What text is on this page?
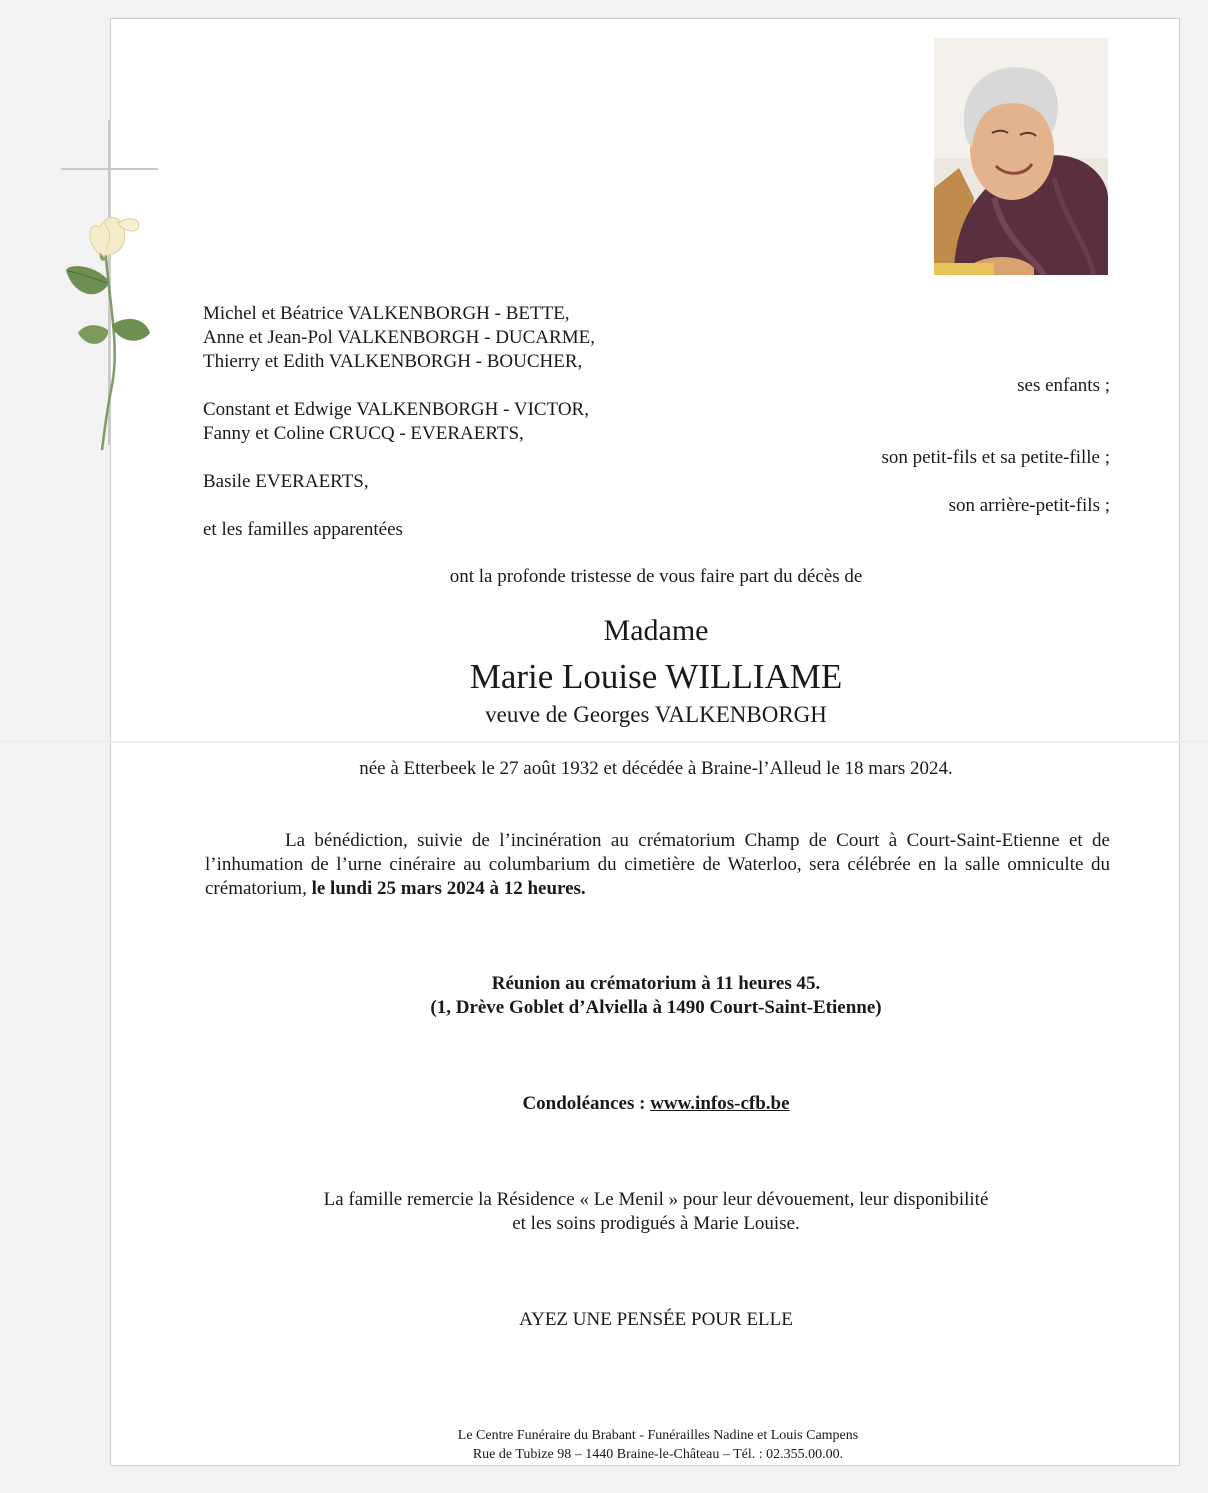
Michel et Béatrice VALKENBORGH - BETTE,
Anne et Jean-Pol VALKENBORGH - DUCARME,
Thierry et Edith VALKENBORGH - BOUCHER,
ses enfants ;
Constant et Edwige VALKENBORGH - VICTOR,
Fanny et Coline CRUCQ - EVERAERTS,
son petit-fils et sa petite-fille ;
Basile EVERAERTS,
son arrière-petit-fils ;
et les familles apparentées
ont la profonde tristesse de vous faire part du décès de
Madame
Marie Louise WILLIAME
veuve de Georges VALKENBORGH
née à Etterbeek le 27 août 1932 et décédée à Braine-l’Alleud le 18 mars 2024.
La bénédiction, suivie de l’incinération au crématorium Champ de Court à Court-Saint-Etienne et de l’inhumation de l’urne cinéraire au columbarium du cimetière de Waterloo, sera célébrée en la salle omniculte du crématorium, le lundi 25 mars 2024 à 12 heures.
Réunion au crématorium à 11 heures 45.
(1, Drève Goblet d’Alviella à 1490 Court-Saint-Etienne)
Condoléances : www.infos-cfb.be
La famille remercie la Résidence « Le Menil » pour leur dévouement, leur disponibilité
et les soins prodigués à Marie Louise.
AYEZ UNE PENSÉE POUR ELLE
Le Centre Funéraire du Brabant - Funérailles Nadine et Louis Campens
Rue de Tubize 98 – 1440 Braine-le-Château – Tél. : 02.355.00.00.
